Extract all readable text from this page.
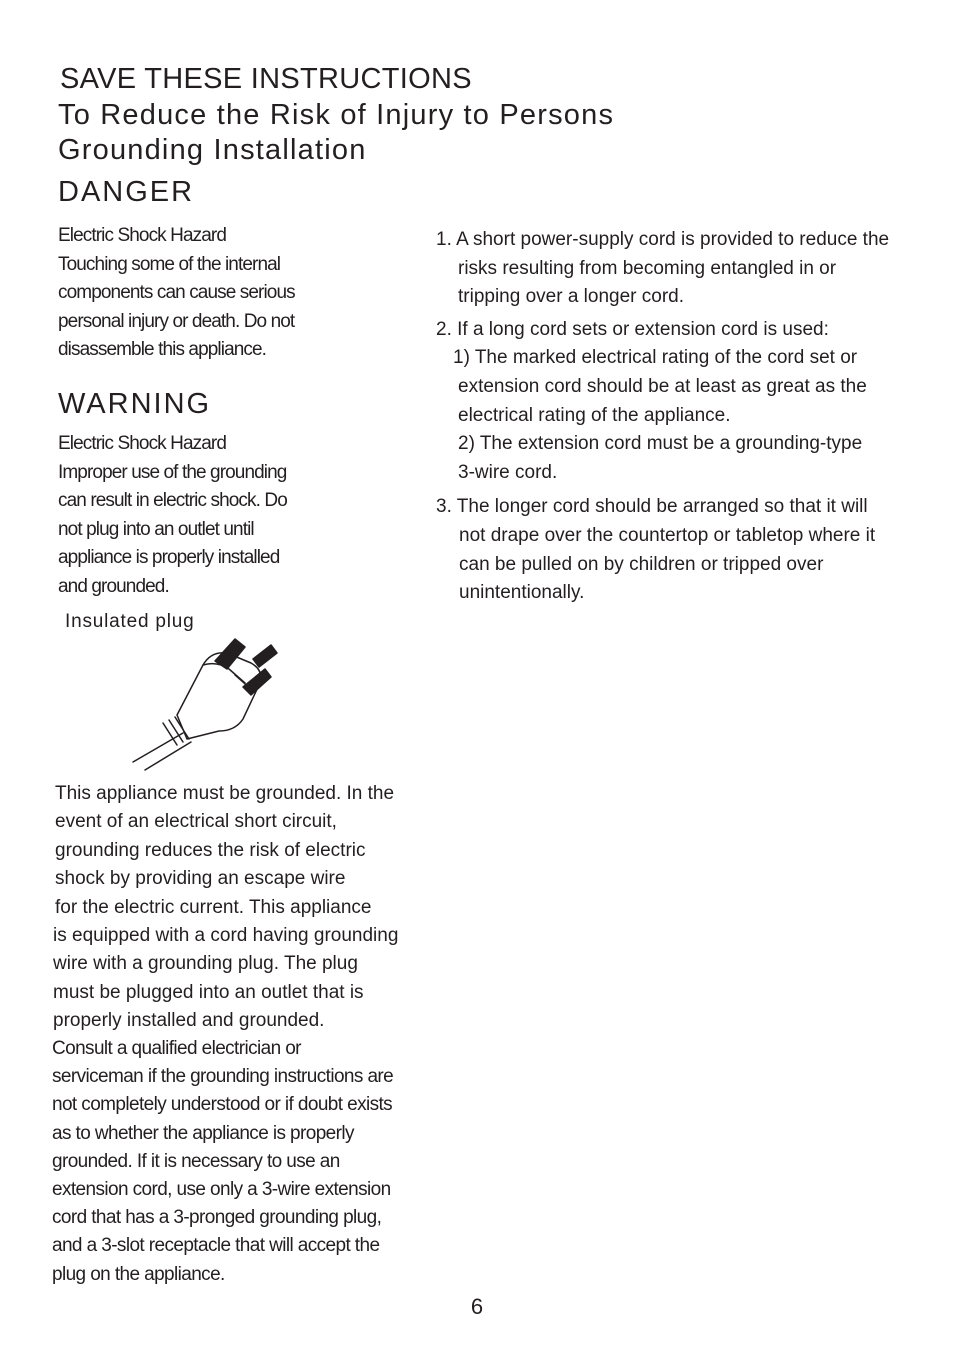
SAVE THESE INSTRUCTIONS
To Reduce the Risk of Injury to Persons
Grounding Installation
DANGER
Electric Shock Hazard
Touching some of the internal
components can cause serious
personal injury or death. Do not
disassemble this appliance.
WARNING
Electric Shock Hazard
Improper use of the grounding
can result in electric shock. Do
not plug into an outlet until
appliance is properly installed
and grounded.
Insulated plug
This appliance must be grounded. In the
event of an electrical short circuit,
grounding reduces the risk of electric
shock by providing an escape wire
for the electric current. This appliance
is equipped with a cord having grounding
wire with a grounding plug. The plug
must be plugged into an outlet that is
properly installed and grounded.
Consult a qualified electrician or
serviceman if the grounding instructions are
not completely understood or if doubt exists
as to whether the appliance is properly
grounded. If it is necessary to use an
extension cord, use only a 3-wire extension
cord that has a 3-pronged grounding plug,
and a 3-slot receptacle that will accept the
plug on the appliance.
1. A short power-supply cord is provided to reduce the
risks resulting from becoming entangled in or
tripping over a longer cord.
2. If a long cord sets or extension cord is used:
1) The marked electrical rating of the cord set or
extension cord should be at least as great as the
electrical rating of the appliance.
2) The extension cord must be a grounding-type
3-wire cord.
3. The longer cord should be arranged so that it will
not drape over the countertop or tabletop where it
can be pulled on by children or tripped over
unintentionally.
6
